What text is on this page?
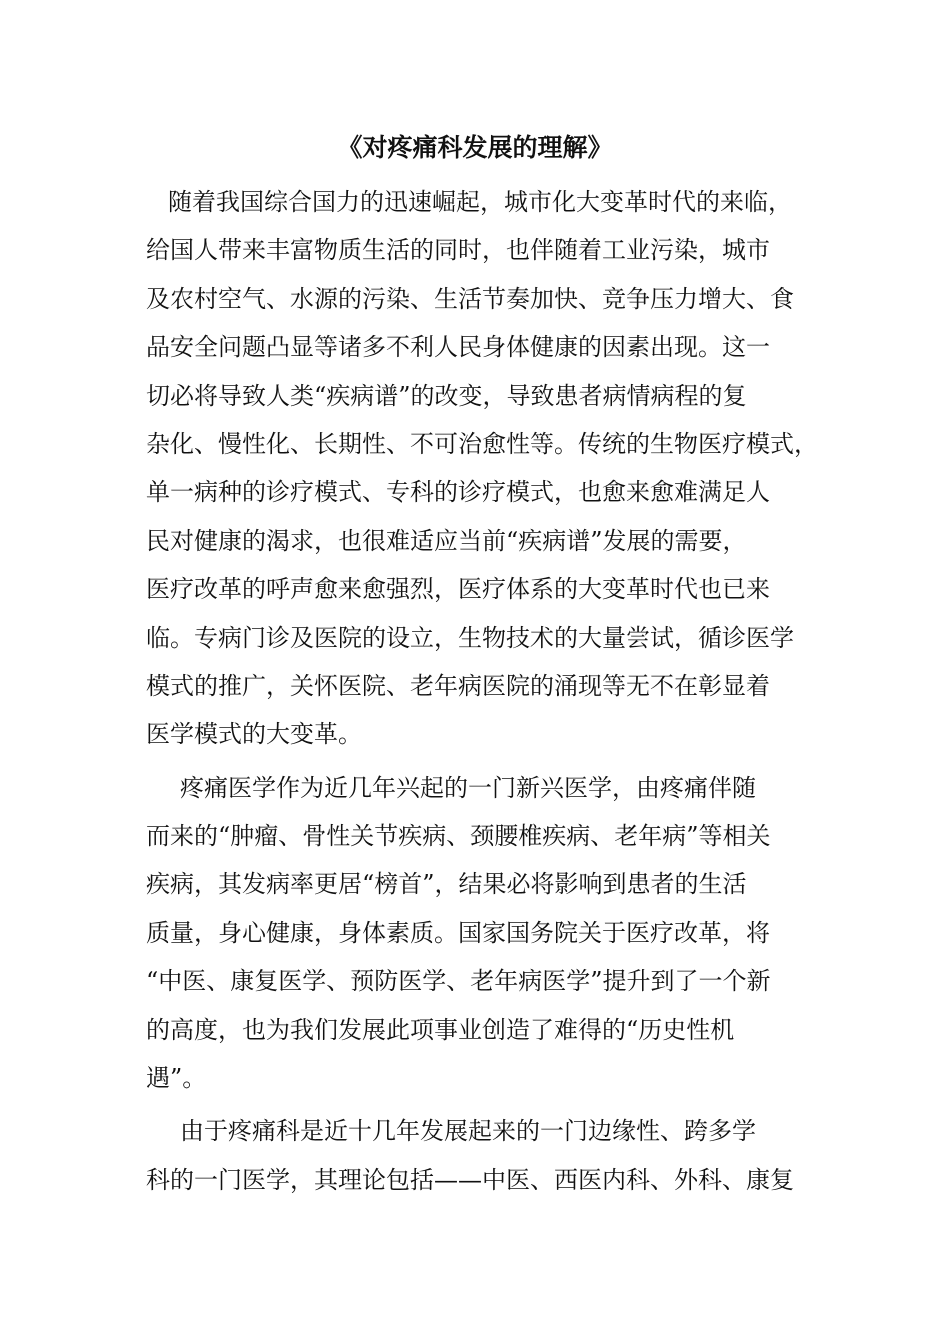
《对疼痛科发展的理解》
随着我国综合国力的迅速崛起，城市化大变革时代的来临，
给国人带来丰富物质生活的同时，也伴随着工业污染，城市
及农村空气、水源的污染、生活节奏加快、竞争压力增大、食
品安全问题凸显等诸多不利人民身体健康的因素出现。这一
切必将导致人类“疾病谱”的改变，导致患者病情病程的复
杂化、慢性化、长期性、不可治愈性等。传统的生物医疗模式，
单一病种的诊疗模式、专科的诊疗模式，也愈来愈难满足人
民对健康的渴求，也很难适应当前“疾病谱”发展的需要，
医疗改革的呼声愈来愈强烈，医疗体系的大变革时代也已来
临。专病门诊及医院的设立，生物技术的大量尝试，循诊医学
模式的推广，关怀医院、老年病医院的涌现等无不在彰显着
医学模式的大变革。
疼痛医学作为近几年兴起的一门新兴医学，由疼痛伴随
而来的“肿瘤、骨性关节疾病、颈腰椎疾病、老年病”等相关
疾病，其发病率更居“榜首”，结果必将影响到患者的生活
质量，身心健康，身体素质。国家国务院关于医疗改革，将
“中医、康复医学、预防医学、老年病医学”提升到了一个新
的高度，也为我们发展此项事业创造了难得的“历史性机
遇”。
由于疼痛科是近十几年发展起来的一门边缘性、跨多学
科的一门医学，其理论包括——中医、西医内科、外科、康复
